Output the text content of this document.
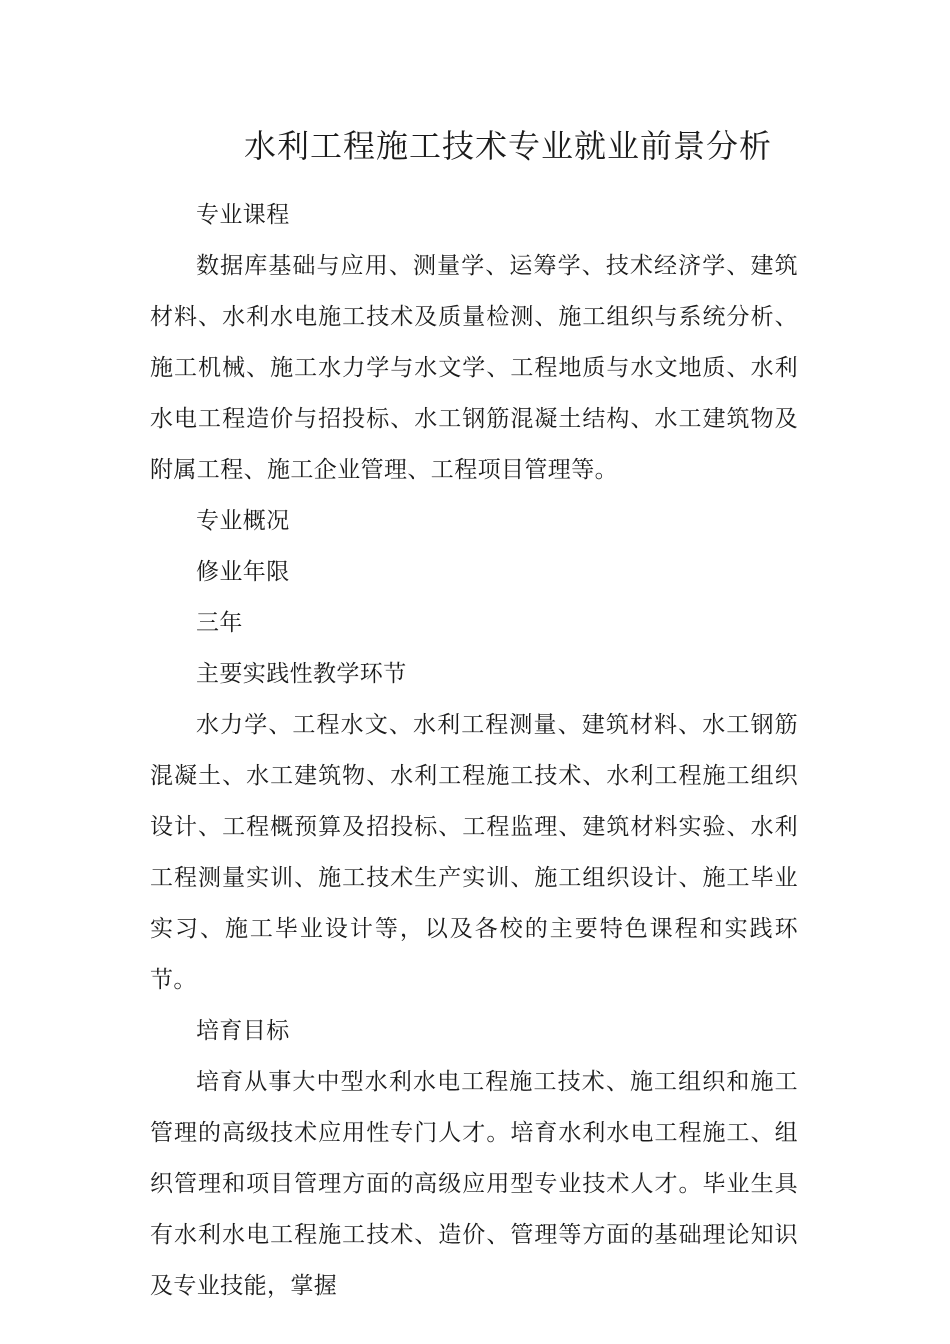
水利工程施工技术专业就业前景分析

专业课程

数据库基础与应用、测量学、运筹学、技术经济学、建筑材料、水利水电施工技术及质量检测、施工组织与系统分析、施工机械、施工水力学与水文学、工程地质与水文地质、水利水电工程造价与招投标、水工钢筋混凝土结构、水工建筑物及附属工程、施工企业管理、工程项目管理等。

专业概况

修业年限

三年

主要实践性教学环节

水力学、工程水文、水利工程测量、建筑材料、水工钢筋混凝土、水工建筑物、水利工程施工技术、水利工程施工组织设计、工程概预算及招投标、工程监理、建筑材料实验、水利工程测量实训、施工技术生产实训、施工组织设计、施工毕业实习、施工毕业设计等，以及各校的主要特色课程和实践环节。

培育目标

培育从事大中型水利水电工程施工技术、施工组织和施工管理的高级技术应用性专门人才。培育水利水电工程施工、组织管理和项目管理方面的高级应用型专业技术人才。毕业生具有水利水电工程施工技术、造价、管理等方面的基础理论知识及专业技能，掌握
